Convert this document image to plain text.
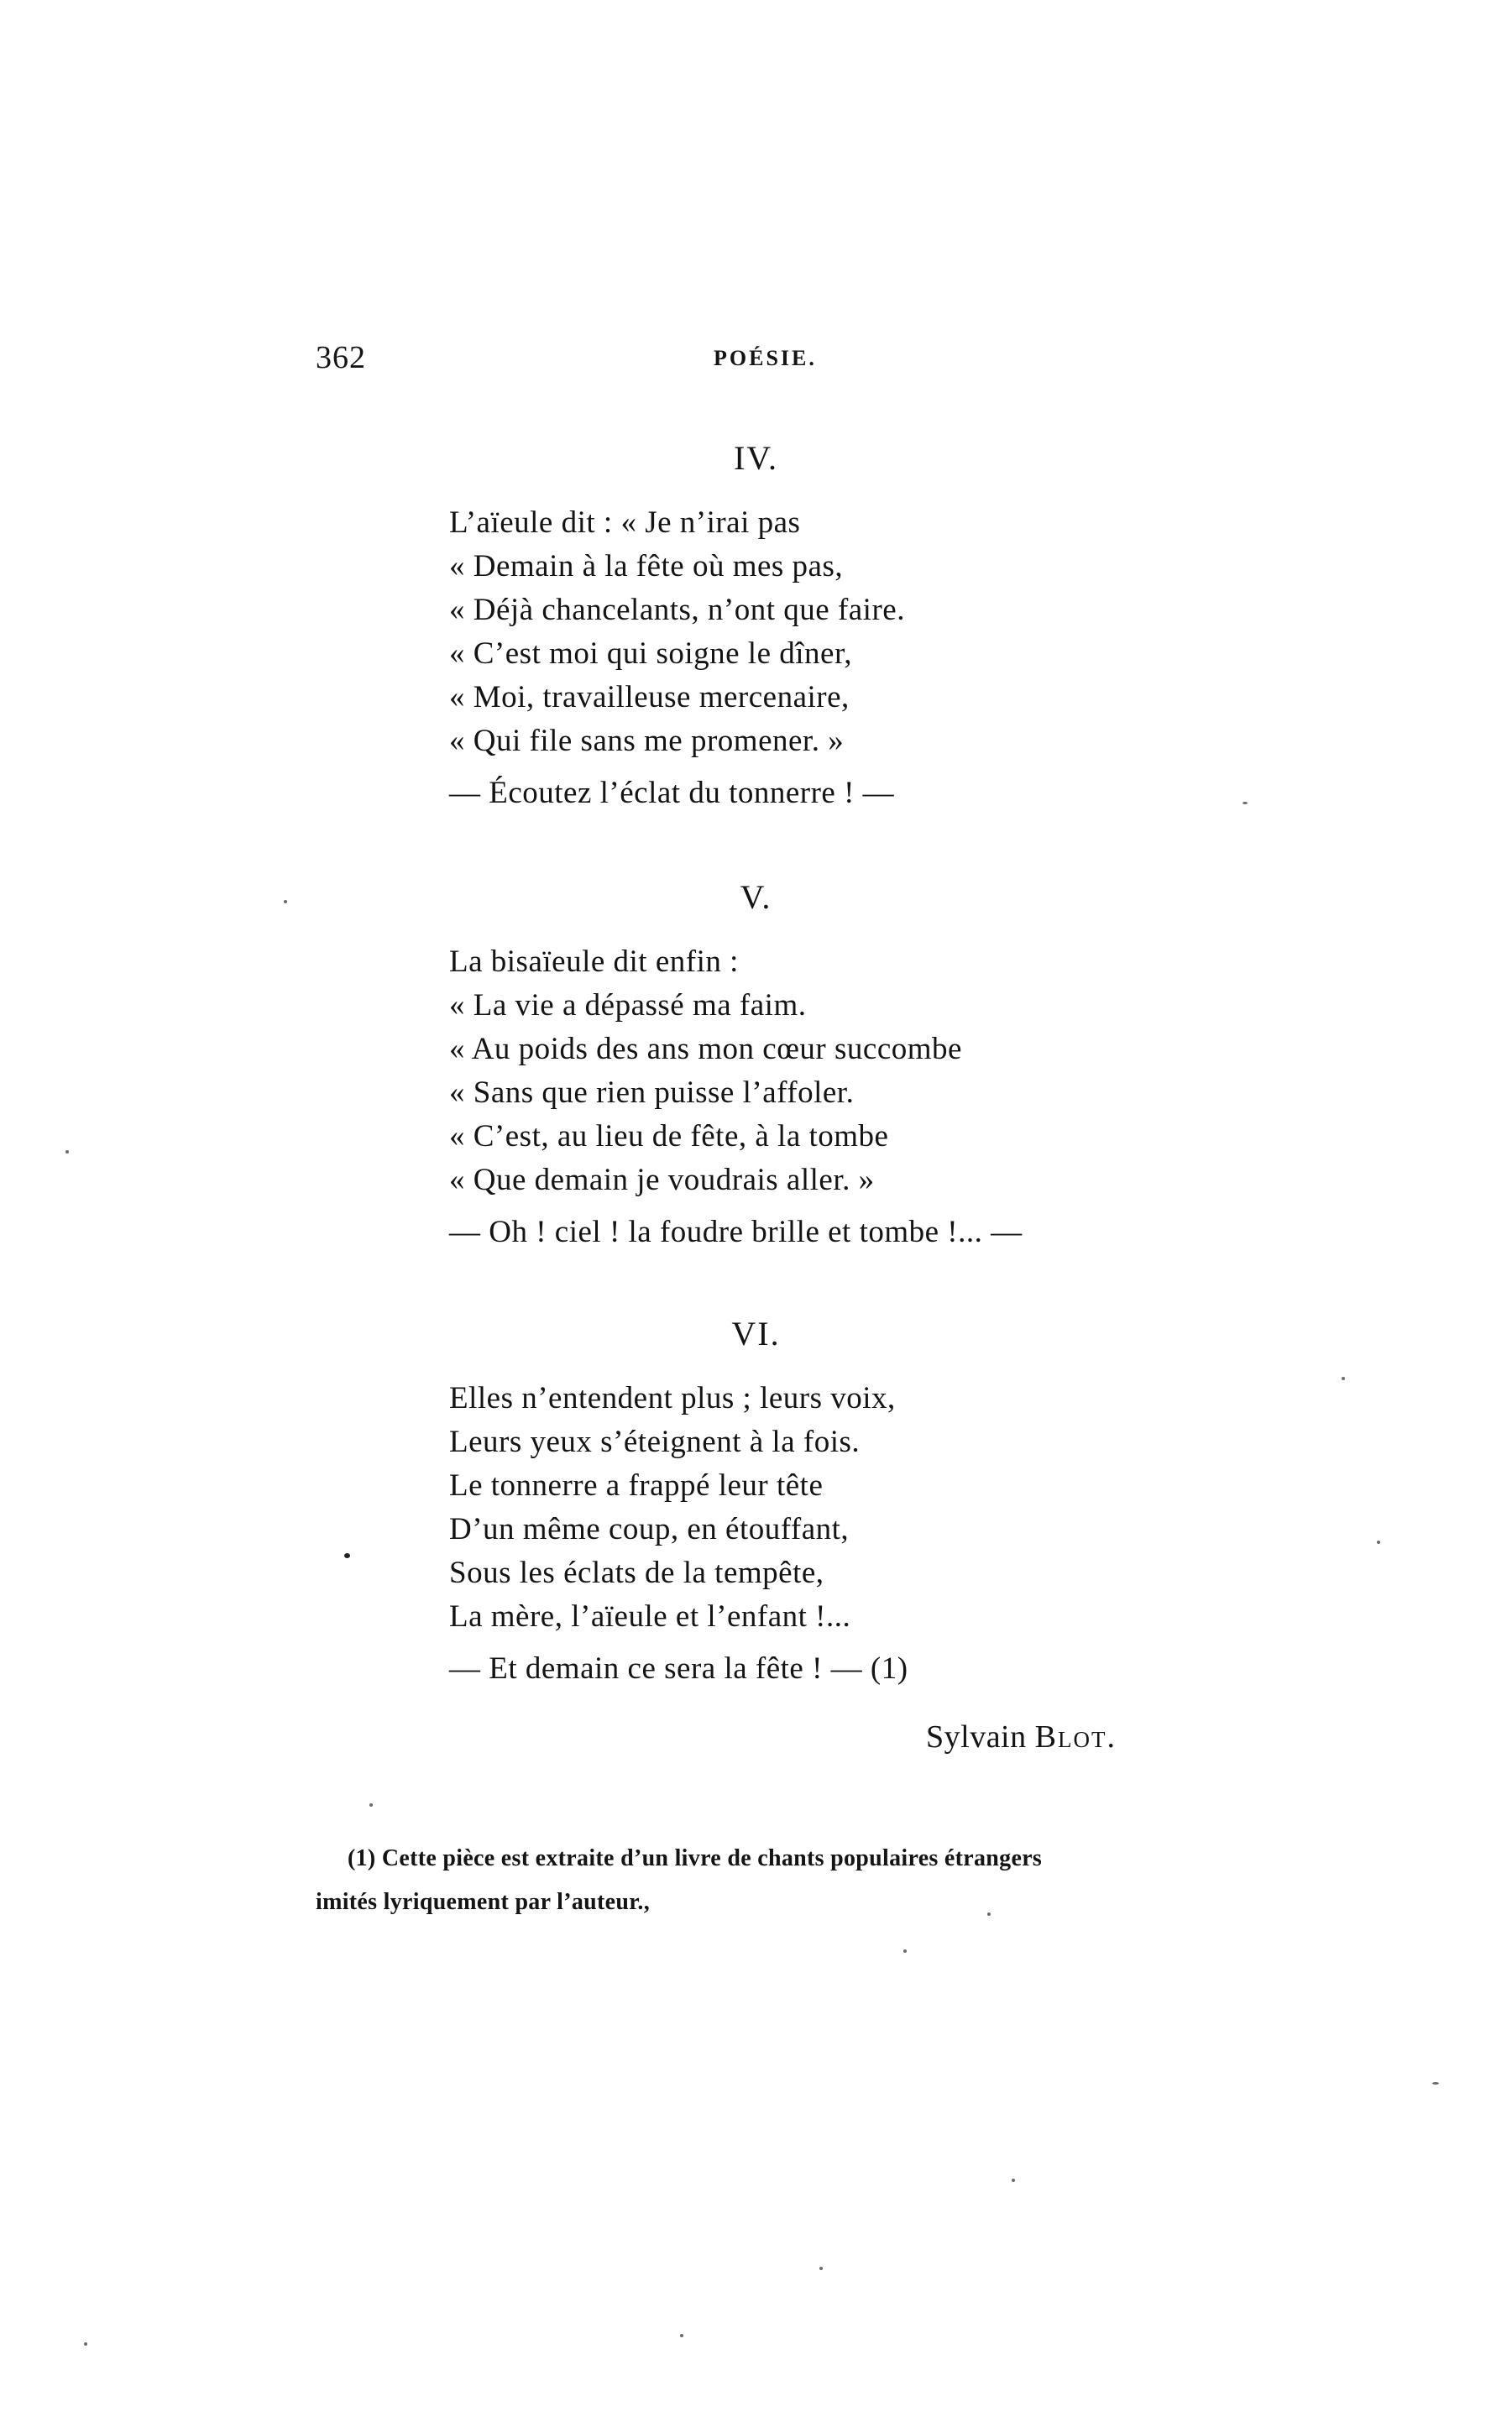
362	POÉSIE.
IV.
L’aïeule dit : « Je n’irai pas
« Demain à la fête où mes pas,
« Déjà chancelants, n’ont que faire.
« C’est moi qui soigne le dîner,
« Moi, travailleuse mercenaire,
« Qui file sans me promener. »
— Écoutez l’éclat du tonnerre ! —
V.
La bisaïeule dit enfin :
« La vie a dépassé ma faim.
« Au poids des ans mon cœur succombe
« Sans que rien puisse l’affoler.
« C’est, au lieu de fête, à la tombe
« Que demain je voudrais aller. »
— Oh ! ciel ! la foudre brille et tombe !... —
VI.
Elles n’entendent plus ; leurs voix,
Leurs yeux s’éteignent à la fois.
Le tonnerre a frappé leur tête
D’un même coup, en étouffant,
Sous les éclats de la tempête,
La mère, l’aïeule et l’enfant !...
— Et demain ce sera la fête ! — (1)
Sylvain Blot.
(1) Cette pièce est extraite d’un livre de chants populaires étrangers
imités lyriquement par l’auteur.,
